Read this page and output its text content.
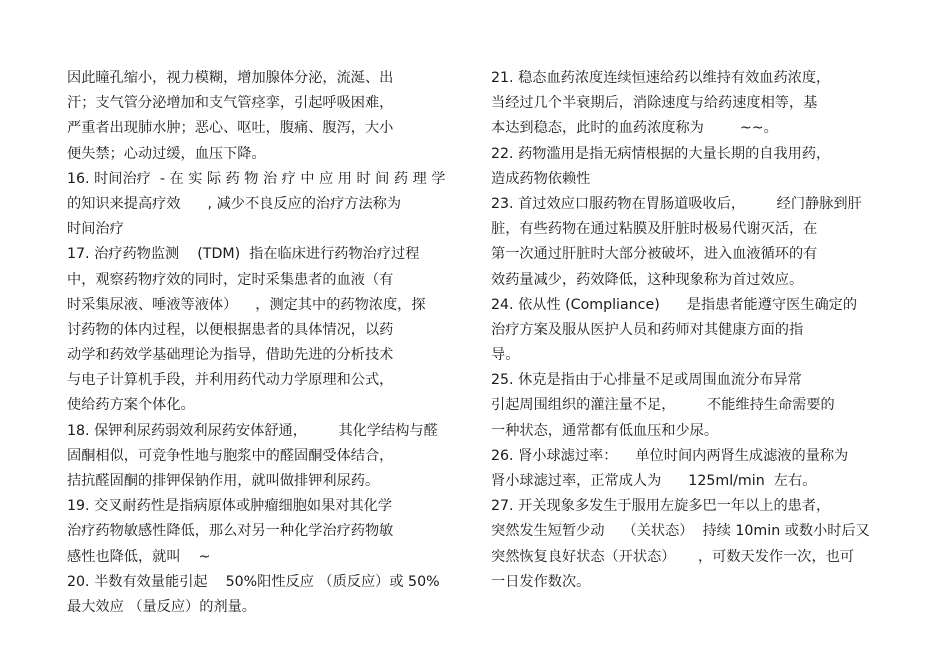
因此瞳孔缩小，视力模糊，增加腺体分泌，流涎、出
汗；支气管分泌增加和支气管痉挛，引起呼吸困难，
严重者出现肺水肿；恶心、呕吐，腹痛、腹泻，大小
便失禁；心动过缓，血压下降。
16. 时间治疗  - 在 实 际 药 物 治 疗 中 应 用 时 间 药 理 学
的知识来提高疗效      , 减少不良反应的治疗方法称为
时间治疗
17. 治疗药物监测    (TDM)  指在临床进行药物治疗过程
中，观察药物疗效的同时，定时采集患者的血液（有
时采集尿液、唾液等液体）    ，测定其中的药物浓度，探
讨药物的体内过程，以便根据患者的具体情况，以药
动学和药效学基础理论为指导，借助先进的分析技术
与电子计算机手段，并利用药代动力学原理和公式，
使给药方案个体化。
18. 保钾利尿药弱效利尿药安体舒通，       其化学结构与醛
固酮相似，可竞争性地与胞浆中的醛固酮受体结合，
拮抗醛固酮的排钾保钠作用，就叫做排钾利尿药。
19. 交叉耐药性是指病原体或肿瘤细胞如果对其化学
治疗药物敏感性降低，那么对另一种化学治疗药物敏
感性也降低，就叫    ~
20. 半数有效量能引起    50%阳性反应 （质反应）或 50%
最大效应 （量反应）的剂量。
21. 稳态血药浓度连续恒速给药以维持有效血药浓度，
当经过几个半衰期后，消除速度与给药速度相等，基
本达到稳态，此时的血药浓度称为        ~~。
22. 药物滥用是指无病情根据的大量长期的自我用药，
造成药物依赖性
23. 首过效应口服药物在胃肠道吸收后，       经门静脉到肝
脏，有些药物在通过粘膜及肝脏时极易代谢灭活，在
第一次通过肝脏时大部分被破坏，进入血液循环的有
效药量减少，药效降低，这种现象称为首过效应。
24. 依从性 (Compliance)      是指患者能遵守医生确定的
治疗方案及服从医护人员和药师对其健康方面的指
导。
25. 休克是指由于心排量不足或周围血流分布异常
引起周围组织的灌注量不足，       不能维持生命需要的
一种状态，通常都有低血压和少尿。
26. 肾小球滤过率：    单位时间内两肾生成滤液的量称为
肾小球滤过率，正常成人为      125ml/min  左右。
27. 开关现象多发生于服用左旋多巴一年以上的患者，
突然发生短暂少动    （关状态）  持续 10min 或数小时后又
突然恢复良好状态（开状态）     ，可数天发作一次，也可
一日发作数次。
